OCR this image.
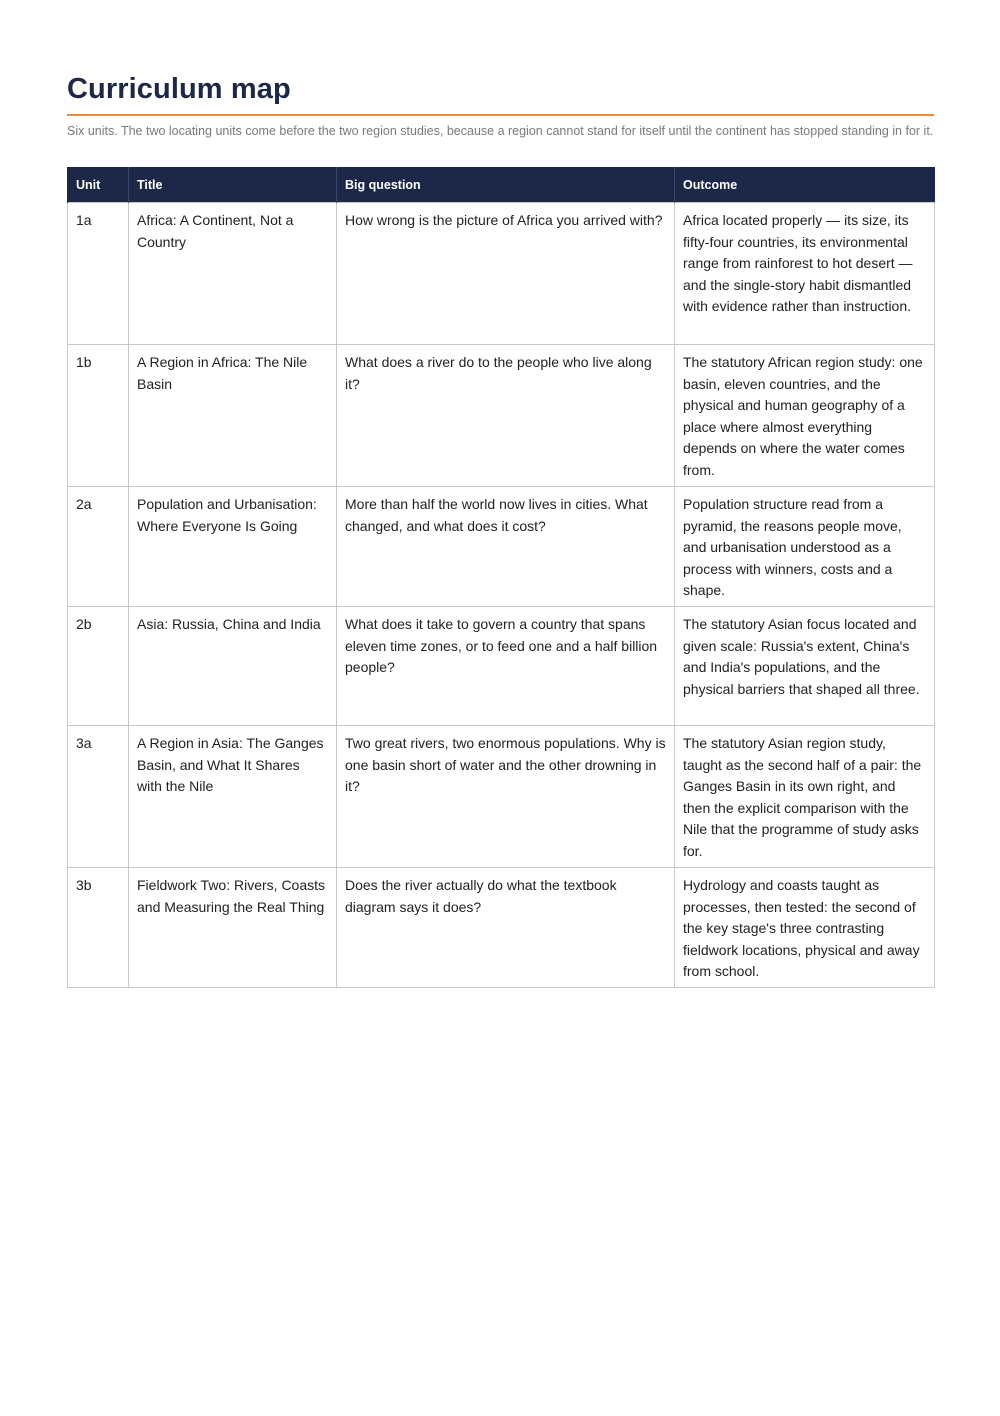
Curriculum map

Six units. The two locating units come before the two region studies, because a region cannot stand for itself until the continent has stopped standing in for it.

Unit	Title	Big question	Outcome
1a	Africa: A Continent, Not a Country	How wrong is the picture of Africa you arrived with?	Africa located properly — its size, its fifty-four countries, its environmental range from rainforest to hot desert — and the single-story habit dismantled with evidence rather than instruction.
1b	A Region in Africa: The Nile Basin	What does a river do to the people who live along it?	The statutory African region study: one basin, eleven countries, and the physical and human geography of a place where almost everything depends on where the water comes from.
2a	Population and Urbanisation: Where Everyone Is Going	More than half the world now lives in cities. What changed, and what does it cost?	Population structure read from a pyramid, the reasons people move, and urbanisation understood as a process with winners, costs and a shape.
2b	Asia: Russia, China and India	What does it take to govern a country that spans eleven time zones, or to feed one and a half billion people?	The statutory Asian focus located and given scale: Russia's extent, China's and India's populations, and the physical barriers that shaped all three.
3a	A Region in Asia: The Ganges Basin, and What It Shares with the Nile	Two great rivers, two enormous populations. Why is one basin short of water and the other drowning in it?	The statutory Asian region study, taught as the second half of a pair: the Ganges Basin in its own right, and then the explicit comparison with the Nile that the programme of study asks for.
3b	Fieldwork Two: Rivers, Coasts and Measuring the Real Thing	Does the river actually do what the textbook diagram says it does?	Hydrology and coasts taught as processes, then tested: the second of the key stage's three contrasting fieldwork locations, physical and away from school.
